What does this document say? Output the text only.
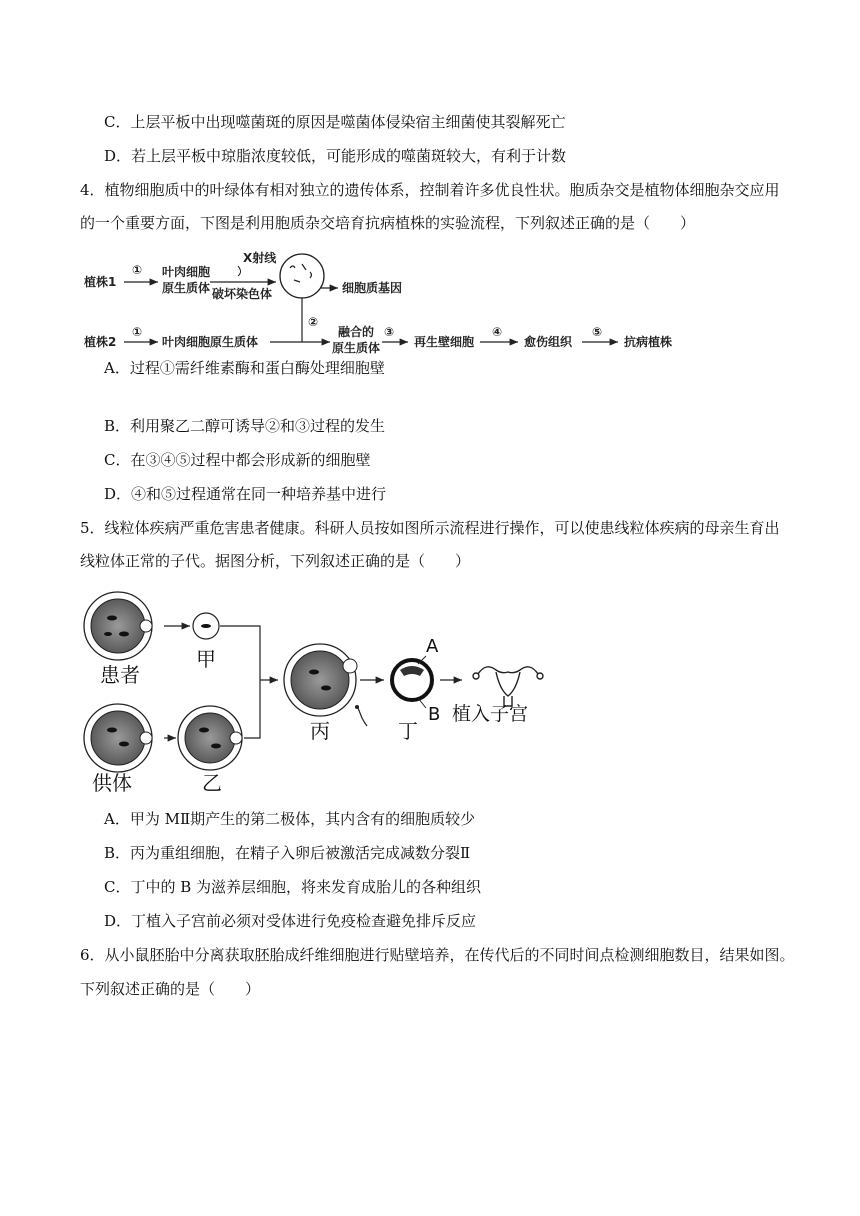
C．上层平板中出现噬菌斑的原因是噬菌体侵染宿主细菌使其裂解死亡
D．若上层平板中琼脂浓度较低，可能形成的噬菌斑较大，有利于计数
4．植物细胞质中的叶绿体有相对独立的遗传体系，控制着许多优良性状。胞质杂交是植物体细胞杂交应用
的一个重要方面，下图是利用胞质杂交培育抗病植株的实验流程，下列叙述正确的是（　　）
植株1
① 叶肉细胞
原生质体
X射线
破坏染色体	细胞质基因
②
植株2
①
叶肉细胞原生质体
融合的
原生质体
③
再生壁细胞
④
愈伤组织
⑤
抗病植株
A．过程①需纤维素酶和蛋白酶处理细胞壁
B．利用聚乙二醇可诱导②和③过程的发生
C．在③④⑤过程中都会形成新的细胞壁
D．④和⑤过程通常在同一种培养基中进行
5．线粒体疾病严重危害患者健康。科研人员按如图所示流程进行操作，可以使患线粒体疾病的母亲生育出
线粒体正常的子代。据图分析，下列叙述正确的是（　　）
患者
甲
供体	乙
丙
A
B
丁
植入子宫
A．甲为 MⅡ期产生的第二极体，其内含有的细胞质较少
B．丙为重组细胞，在精子入卵后被激活完成减数分裂Ⅱ
C．丁中的 B 为滋养层细胞，将来发育成胎儿的各种组织
D．丁植入子宫前必须对受体进行免疫检查避免排斥反应
6．从小鼠胚胎中分离获取胚胎成纤维细胞进行贴壁培养，在传代后的不同时间点检测细胞数目，结果如图。
下列叙述正确的是（　　）
